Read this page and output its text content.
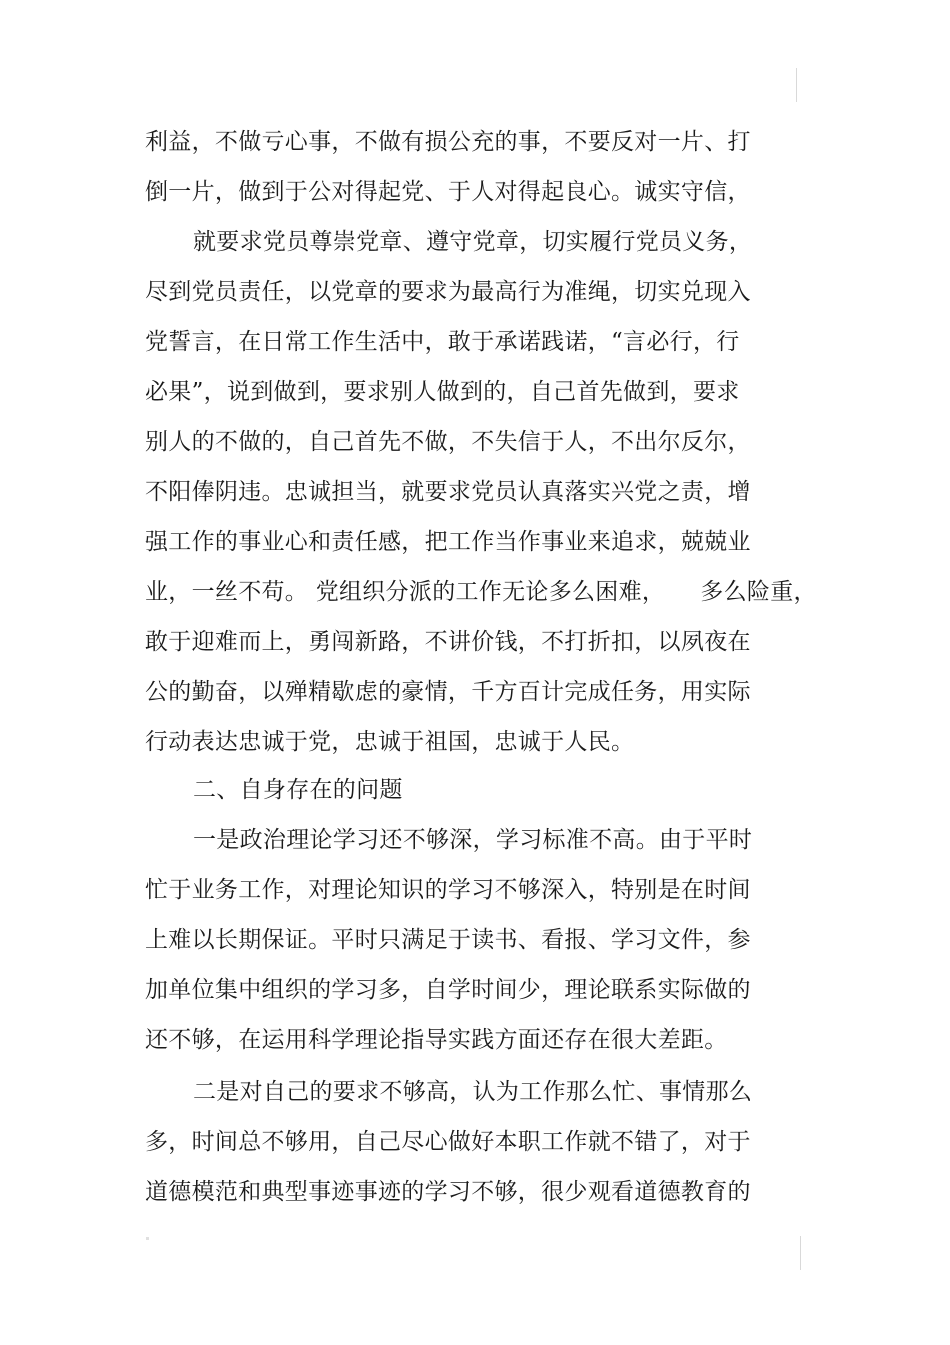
利益，不做亏心事，不做有损公充的事，不要反对一片、打
倒一片，做到于公对得起党、于人对得起良心。诚实守信，
就要求党员尊崇党章、遵守党章，切实履行党员义务，
尽到党员责任，以党章的要求为最高行为准绳，切实兑现入
党誓言，在日常工作生活中，敢于承诺践诺，“言必行，行
必果”，说到做到，要求别人做到的，自己首先做到，要求
别人的不做的，自己首先不做，不失信于人，不出尔反尔，
不阳俸阴违。忠诚担当，就要求党员认真落实兴党之责，增
强工作的事业心和责任感，把工作当作事业来追求，兢兢业
业，一丝不苟。 党组织分派的工作无论多么困难，　　多么险重，
敢于迎难而上，勇闯新路，不讲价钱，不打折扣，以夙夜在
公的勤奋，以殚精歇虑的豪情，千方百计完成任务，用实际
行动表达忠诚于党，忠诚于祖国，忠诚于人民。
二、自身存在的问题
一是政治理论学习还不够深，学习标准不高。由于平时
忙于业务工作，对理论知识的学习不够深入，特别是在时间
上难以长期保证。平时只满足于读书、看报、学习文件，参
加单位集中组织的学习多，自学时间少，理论联系实际做的
还不够，在运用科学理论指导实践方面还存在很大差距。
二是对自己的要求不够高，认为工作那么忙、事情那么
多，时间总不够用，自己尽心做好本职工作就不错了，对于
道德模范和典型事迹事迹的学习不够，很少观看道德教育的
